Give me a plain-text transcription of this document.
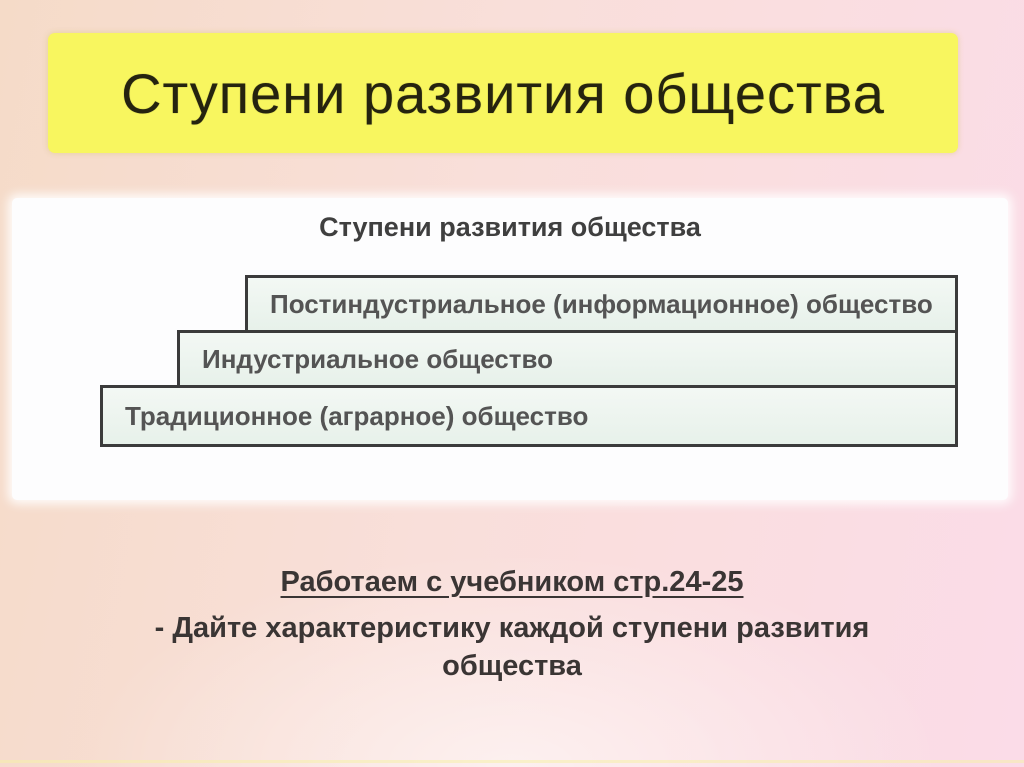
Ступени развития общества
Ступени развития общества
Постиндустриальное (информационное) общество
Индустриальное общество
Традиционное (аграрное) общество
Работаем с учебником стр.24-25
- Дайте характеристику каждой ступени развития общества
